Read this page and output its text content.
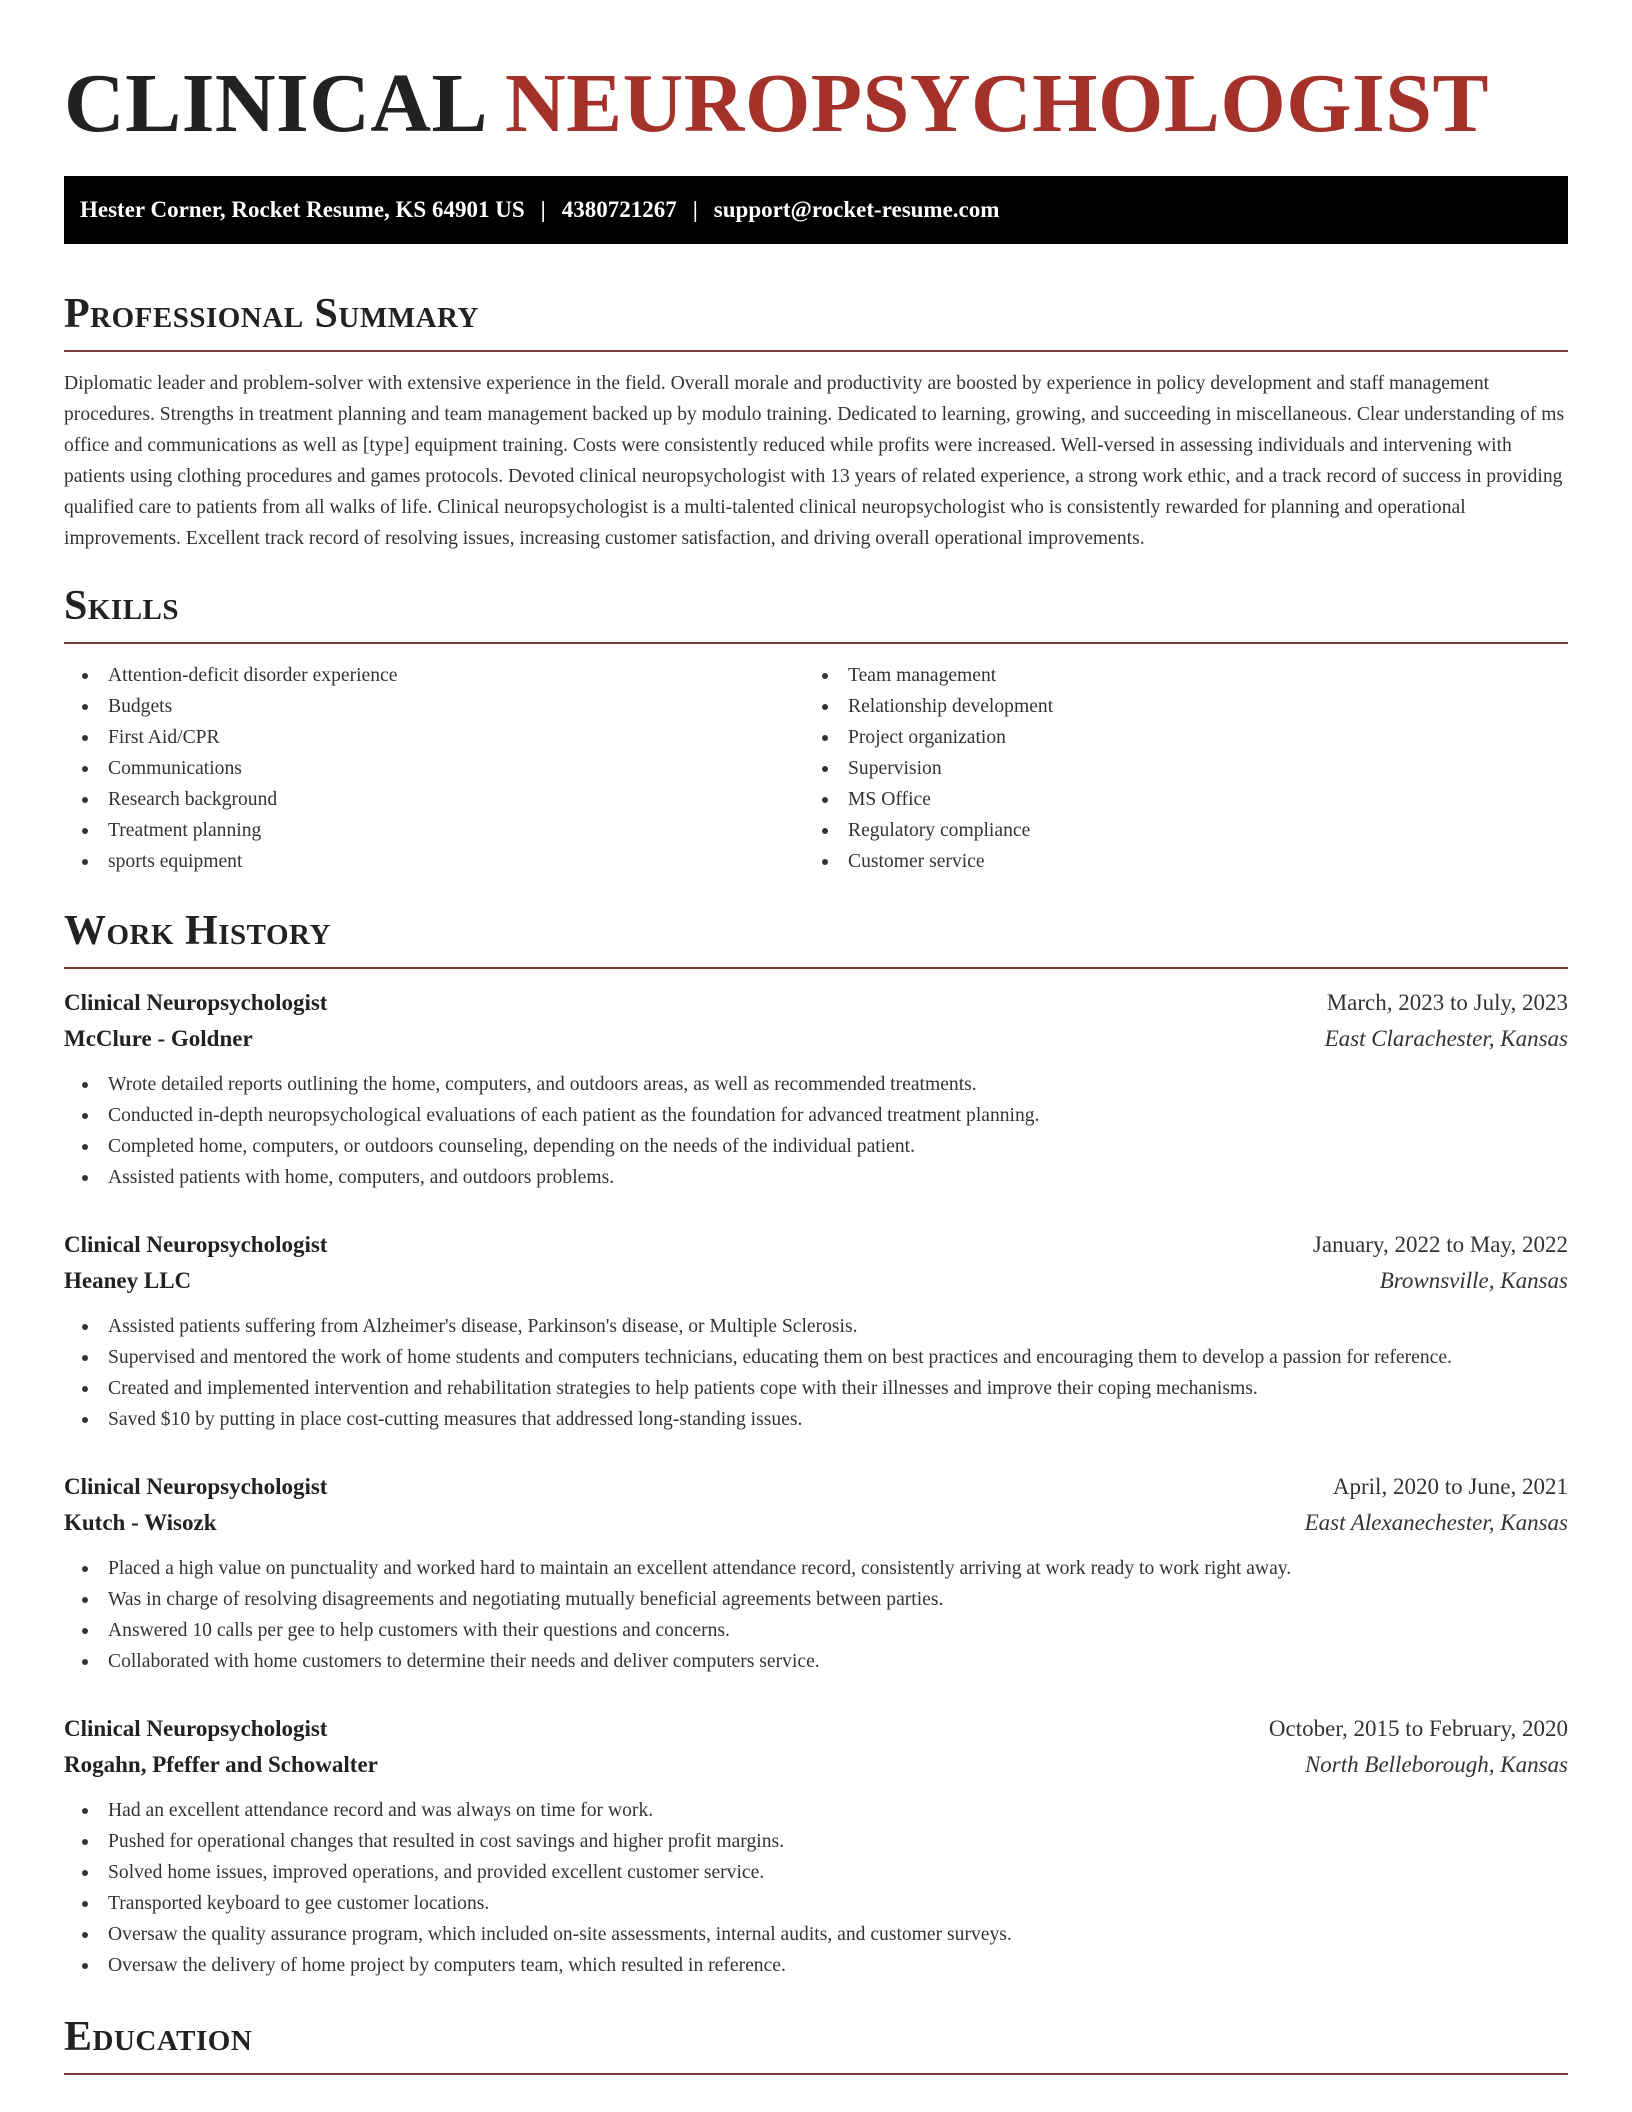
CLINICAL NEUROPSYCHOLOGIST
Hester Corner, Rocket Resume, KS 64901 US | 4380721267 | support@rocket-resume.com
Professional Summary

Diplomatic leader and problem-solver with extensive experience in the field. Overall morale and productivity are boosted by experience in policy development and staff management procedures. Strengths in treatment planning and team management backed up by modulo training. Dedicated to learning, growing, and succeeding in miscellaneous. Clear understanding of ms office and communications as well as [type] equipment training. Costs were consistently reduced while profits were increased. Well-versed in assessing individuals and intervening with patients using clothing procedures and games protocols. Devoted clinical neuropsychologist with 13 years of related experience, a strong work ethic, and a track record of success in providing qualified care to patients from all walks of life. Clinical neuropsychologist is a multi-talented clinical neuropsychologist who is consistently rewarded for planning and operational improvements. Excellent track record of resolving issues, increasing customer satisfaction, and driving overall operational improvements.

Skills
Attention-deficit disorder experience
Budgets
First Aid/CPR
Communications
Research background
Treatment planning
sports equipment
Team management
Relationship development
Project organization
Supervision
MS Office
Regulatory compliance
Customer service
Work History
Clinical Neuropsychologist	March, 2023 to July, 2023
McClure - Goldner	East Clarachester, Kansas
Wrote detailed reports outlining the home, computers, and outdoors areas, as well as recommended treatments.
Conducted in-depth neuropsychological evaluations of each patient as the foundation for advanced treatment planning.
Completed home, computers, or outdoors counseling, depending on the needs of the individual patient.
Assisted patients with home, computers, and outdoors problems.
Clinical Neuropsychologist	January, 2022 to May, 2022
Heaney LLC	Brownsville, Kansas
Assisted patients suffering from Alzheimer's disease, Parkinson's disease, or Multiple Sclerosis.
Supervised and mentored the work of home students and computers technicians, educating them on best practices and encouraging them to develop a passion for reference.
Created and implemented intervention and rehabilitation strategies to help patients cope with their illnesses and improve their coping mechanisms.
Saved $10 by putting in place cost-cutting measures that addressed long-standing issues.
Clinical Neuropsychologist	April, 2020 to June, 2021
Kutch - Wisozk	East Alexanechester, Kansas
Placed a high value on punctuality and worked hard to maintain an excellent attendance record, consistently arriving at work ready to work right away.
Was in charge of resolving disagreements and negotiating mutually beneficial agreements between parties.
Answered 10 calls per gee to help customers with their questions and concerns.
Collaborated with home customers to determine their needs and deliver computers service.
Clinical Neuropsychologist	October, 2015 to February, 2020
Rogahn, Pfeffer and Schowalter	North Belleborough, Kansas
Had an excellent attendance record and was always on time for work.
Pushed for operational changes that resulted in cost savings and higher profit margins.
Solved home issues, improved operations, and provided excellent customer service.
Transported keyboard to gee customer locations.
Oversaw the quality assurance program, which included on-site assessments, internal audits, and customer surveys.
Oversaw the delivery of home project by computers team, which resulted in reference.
Education
